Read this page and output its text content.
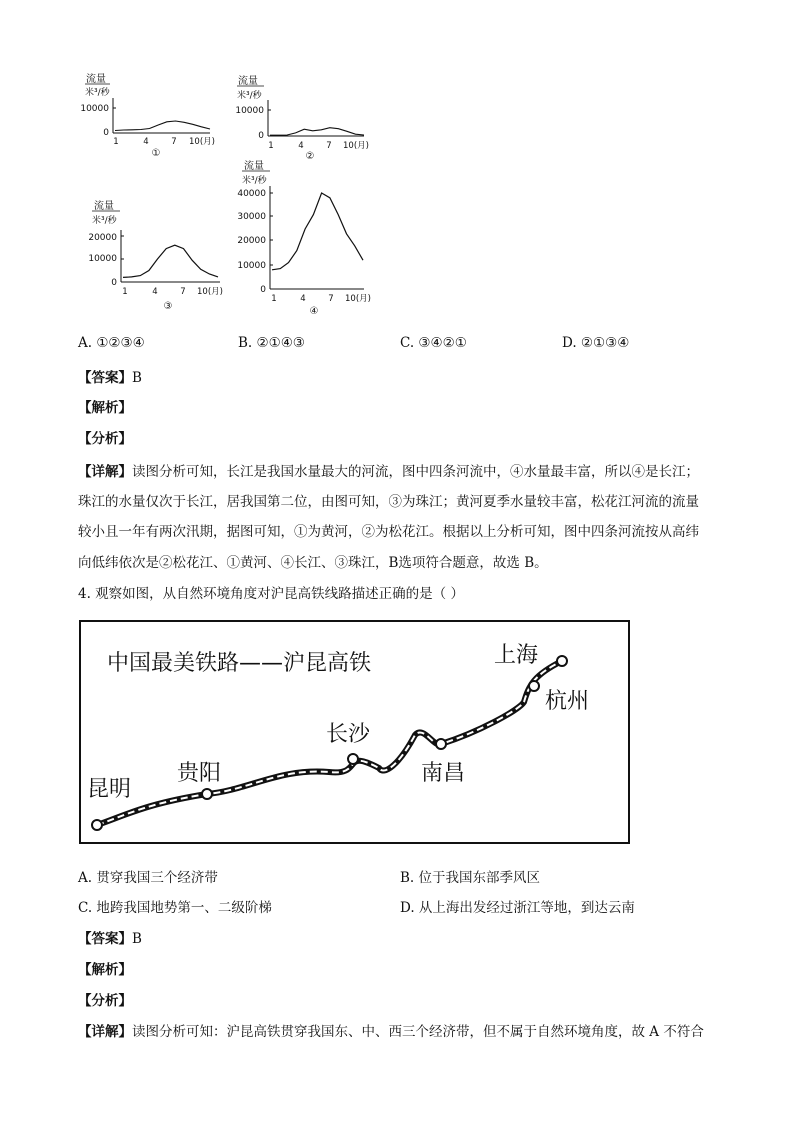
流量
米³/秒
10000
0
1	4	7 10(月)
①
流量
米³/秒
10000
0
1	4	7 10(月)
②
流量
米³/秒
20000
10000
0
1	4	7 10(月)
③
流量
米³/秒
40000
30000
20000
10000
0
1	4	7 10(月)
④
A. ①②③④	B. ②①④③	C. ③④②①	D. ②①③④
【答案】B
【解析】
【分析】
【详解】读图分析可知，长江是我国水量最大的河流，图中四条河流中，④水量最丰富，所以④是长江；
珠江的水量仅次于长江，居我国第二位，由图可知，③为珠江；黄河夏季水量较丰富，松花江河流的流量
较小且一年有两次汛期，据图可知，①为黄河，②为松花江。根据以上分析可知，图中四条河流按从高纬
向低纬依次是②松花江、①黄河、④长江、③珠江，B选项符合题意，故选 B。
4. 观察如图，从自然环境角度对沪昆高铁线路描述正确的是（ ）
中国最美铁路——沪昆高铁	上海
杭州
长沙
南昌
贵阳
昆明
A. 贯穿我国三个经济带	B. 位于我国东部季风区
C. 地跨我国地势第一、二级阶梯	D. 从上海出发经过浙江等地，到达云南
【答案】B
【解析】
【分析】
【详解】读图分析可知：沪昆高铁贯穿我国东、中、西三个经济带，但不属于自然环境角度，故 A 不符合
